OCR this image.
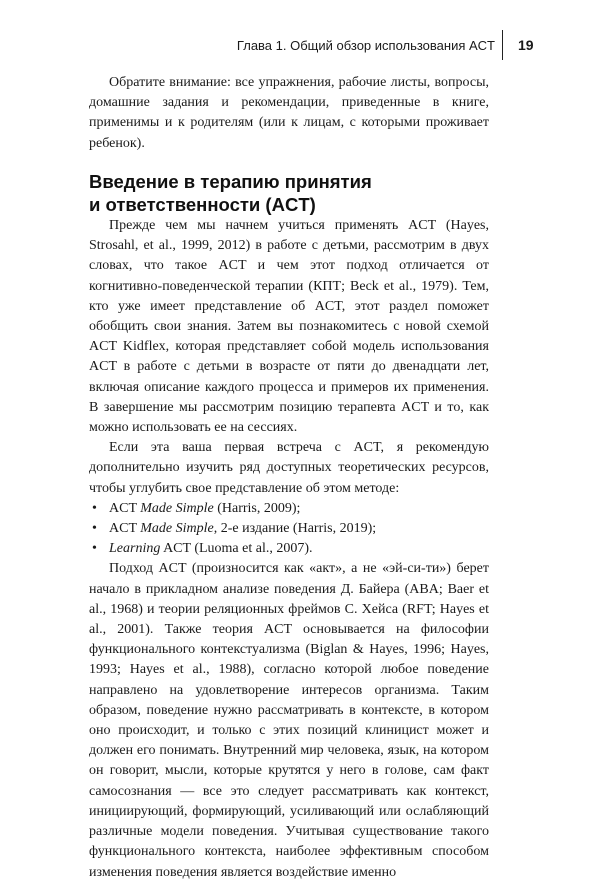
Глава 1. Общий обзор использования ACT 19
Обратите внимание: все упражнения, рабочие листы, вопросы, домашние задания и рекомендации, приведенные в книге, применимы и к родителям (или к лицам, с которыми проживает ребенок).
Введение в терапию принятия
и ответственности (ACT)

Прежде чем мы начнем учиться применять ACT (Hayes, Strosahl, et al., 1999, 2012) в работе с детьми, рассмотрим в двух словах, что такое ACT и чем этот подход отличается от когнитивно-поведенческой терапии (КПТ; Beck et al., 1979). Тем, кто уже имеет представление об ACT, этот раздел поможет обобщить свои знания. Затем вы познакомитесь с новой схемой ACT Kidflex, которая представляет собой модель использования ACT в работе с детьми в возрасте от пяти до двенадцати лет, включая описание каждого процесса и примеров их применения. В завершение мы рассмотрим позицию терапевта ACT и то, как можно использовать ее на сессиях.

Если эта ваша первая встреча с ACT, я рекомендую дополнительно изучить ряд доступных теоретических ресурсов, чтобы углубить свое представление об этом методе:

• ACT Made Simple (Harris, 2009);
• ACT Made Simple, 2-е издание (Harris, 2019);
• Learning ACT (Luoma et al., 2007).

Подход ACT (произносится как «акт», а не «эй-си-ти») берет начало в прикладном анализе поведения Д. Байера (ABA; Baer et al., 1968) и теории реляционных фреймов С. Хейса (RFT; Hayes et al., 2001). Также теория ACT основывается на философии функционального контекстуализма (Biglan & Hayes, 1996; Hayes, 1993; Hayes et al., 1988), согласно которой любое поведение направлено на удовлетворение интересов организма. Таким образом, поведение нужно рассматривать в контексте, в котором оно происходит, и только с этих позиций клиницист может и должен его понимать. Внутренний мир человека, язык, на котором он говорит, мысли, которые крутятся у него в голове, сам факт самосознания — все это следует рассматривать как контекст, инициирующий, формирующий, усиливающий или ослабляющий различные модели поведения. Учитывая существование такого функционального контекста, наиболее эффективным способом изменения поведения является воздействие именно
